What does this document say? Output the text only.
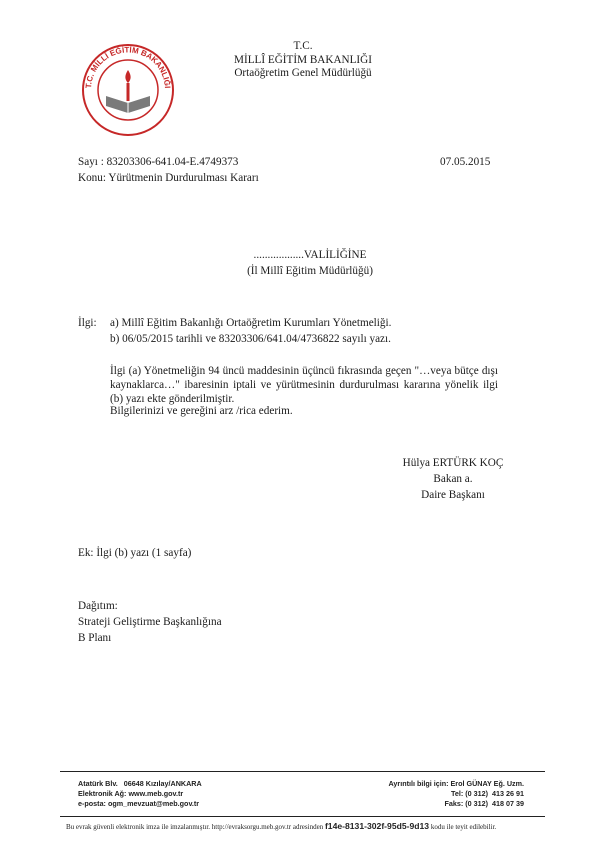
T.C. MİLLÎ EĞİTİM BAKANLIĞI
T.C.
MİLLÎ EĞİTİM BAKANLIĞI
Ortaöğretim Genel Müdürlüğü
Sayı : 83203306-641.04-E.4749373	07.05.2015
Konu: Yürütmenin Durdurulması Kararı
..................VALİLİĞİNE
(İl Millî Eğitim Müdürlüğü)
İlgi: a) Millî Eğitim Bakanlığı Ortaöğretim Kurumları Yönetmeliği.
b) 06/05/2015 tarihli ve 83203306/641.04/4736822 sayılı yazı.
İlgi (a) Yönetmeliğin 94 üncü maddesinin üçüncü fıkrasında geçen "…veya bütçe dışı kaynaklarca…" ibaresinin iptali ve yürütmesinin durdurulması kararına yönelik ilgi (b) yazı ekte gönderilmiştir.
Bilgilerinizi ve gereğini arz /rica ederim.
Hülya ERTÜRK KOÇ
Bakan a.
Daire Başkanı
Ek: İlgi (b) yazı (1 sayfa)
Dağıtım:
Strateji Geliştirme Başkanlığına
B Planı
Atatürk Blv.   06648 Kızılay/ANKARA
Elektronik Ağ: www.meb.gov.tr
e-posta: ogm_mevzuat@meb.gov.tr
Ayrıntılı bilgi için: Erol GÜNAY Eğ. Uzm.
Tel: (0 312)  413 26 91
Faks: (0 312)  418 07 39
Bu evrak güvenli elektronik imza ile imzalanmıştır. http://evraksorgu.meb.gov.tr adresinden f14e-8131-302f-95d5-9d13 kodu ile teyit edilebilir.
